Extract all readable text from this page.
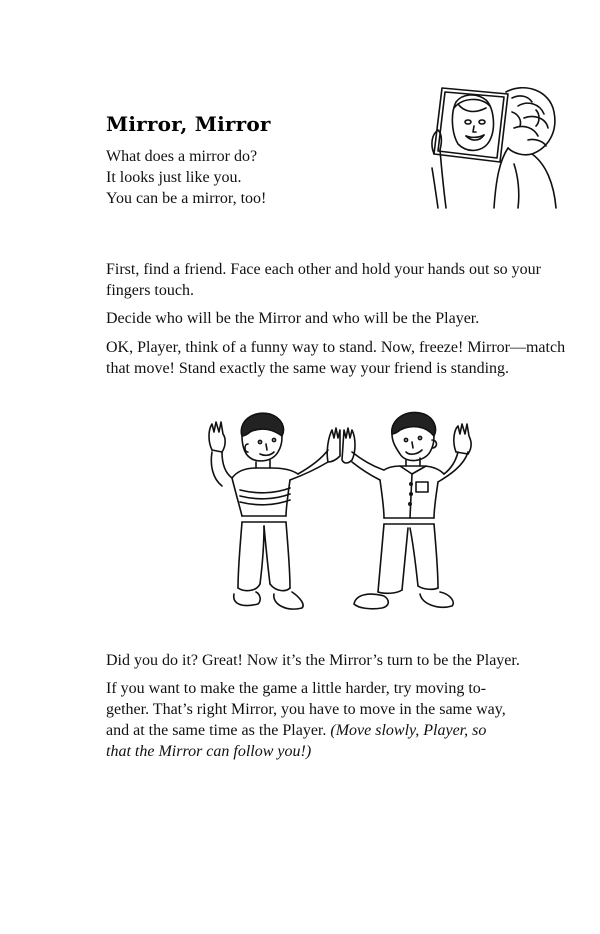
Mirror, Mirror
What does a mirror do?
It looks just like you.
You can be a mirror, too!

First, find a friend. Face each other and hold your hands out so your fingers touch.

Decide who will be the Mirror and who will be the Player.

OK, Player, think of a funny way to stand. Now, freeze! Mirror—match that move! Stand exactly the same way your friend is standing.

Did you do it? Great! Now it’s the Mirror’s turn to be the Player.

If you want to make the game a little harder, try moving to-
gether. That’s right Mirror, you have to move in the same way,
and at the same time as the Player. (Move slowly, Player, so
that the Mirror can follow you!)
